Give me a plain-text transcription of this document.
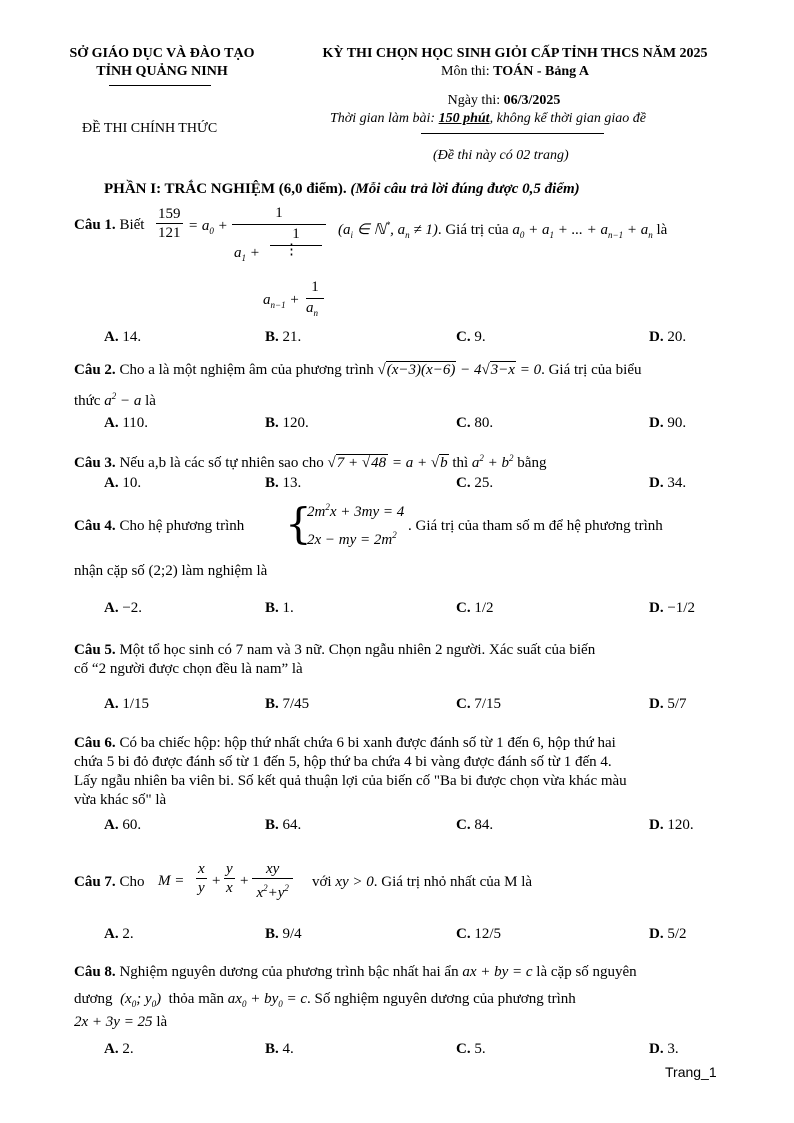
SỞ GIÁO DỤC VÀ ĐÀO TẠO
TỈNH QUẢNG NINH
KỲ THI CHỌN HỌC SINH GIỎI CẤP TỈNH THCS NĂM 2025
Môn thi: TOÁN - Bảng A
Ngày thi: 06/3/2025
ĐỀ THI CHÍNH THỨC
Thời gian làm bài: 150 phút, không kể thời gian giao đề
(Đề thi này có 02 trang)
PHẦN I: TRẮC NGHIỆM (6,0 điểm). (Mỗi câu trả lời đúng được 0,5 điểm)
Câu 1. Biết $\frac{159}{121} = a_0$ +
1
$a_1$ +
1
⋮
$a_{n-1}$ +
1
$a_n$
($a_i$ ∈ ℕ*, $a_n \ne 1$). Giá trị của $a_0 + a_1$ + ... + $a_{n-1} + a_n$ là
A. 14.	B. 21.	C. 9.	D. 20.
Câu 2. Cho a là một nghiệm âm của phương trình √(x−3)(x−6) − 4√3−x = 0. Giá trị của biểu
thức $a^2 - a$ là
A. 110.	B. 120.	C. 80.	D. 90.
Câu 3. Nếu a,b là các số tự nhiên sao cho √7 + √48 = a + √b thì $a^2 + b^2$ bằng
A. 10.	B. 13.	C. 25.	D. 34.
Câu 4. Cho hệ phương trình {
$2m^2x + 3my = 4$
2x − my = $2m^2$
. Giá trị của tham số m để hệ phương trình
nhận cặp số (2;2) làm nghiệm là
A. −2.	B. 1.	C. 1/2	D. −1/2
Câu 5. Một tổ học sinh có 7 nam và 3 nữ. Chọn ngẫu nhiên 2 người. Xác suất của biến
cố “2 người được chọn đều là nam” là
A. 1/15	B. 7/45	C. 7/15	D. 5/7
Câu 6. Có ba chiếc hộp: hộp thứ nhất chứa 6 bi xanh được đánh số từ 1 đến 6, hộp thứ hai
chứa 5 bi đỏ được đánh số từ 1 đến 5, hộp thứ ba chứa 4 bi vàng được đánh số từ 1 đến 4.
Lấy ngẫu nhiên ba viên bi. Số kết quả thuận lợi của biến cố "Ba bi được chọn vừa khác màu
vừa khác số" là
A. 60.	B. 64.	C. 84.	D. 120.
Câu 7. Cho $M = \frac{x}{y} + \frac{y}{x} + \frac{xy}{x^2+y^2}$ với xy > 0. Giá trị nhỏ nhất của M là
A. 2.	B. 9/4	C. 12/5	D. 5/2
Câu 8. Nghiệm nguyên dương của phương trình bậc nhất hai ẩn ax + by = c là cặp số nguyên
dương  ($x_0$; $y_0$)  thỏa mãn $ax_0 + by_0 = c$. Số nghiệm nguyên dương của phương trình
2x + 3y = 25 là
A. 2.	B. 4.	C. 5.	D. 3.
Trang_1
